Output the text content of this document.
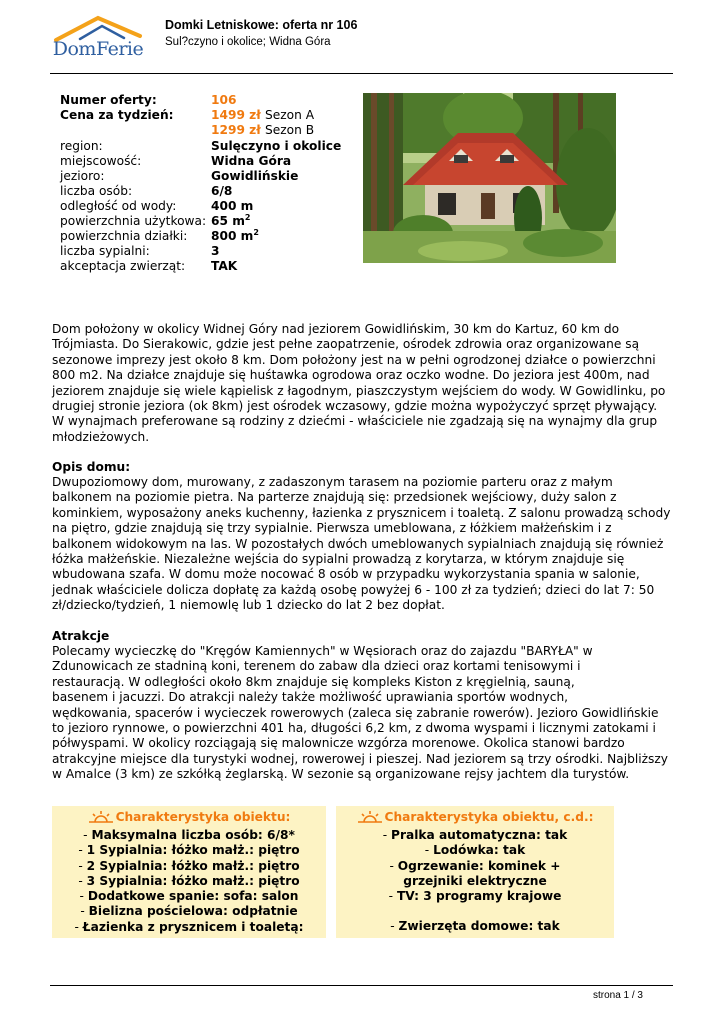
DomFerie
Domki Letniskowe: oferta nr 106
Sul?czyno i okolice; Widna Góra
Numer oferty:	106
Cena za tydzień:	1499 zł Sezon A
1299 zł Sezon B
region:	Sulęczyno i okolice
miejscowość:	Widna Góra
jezioro:	Gowidlińskie
liczba osób:	6/8
odległość od wody:	400 m
powierzchnia użytkowa: 65 $m^2$
powierzchnia działki: 800 $m^2$
liczba sypialni:	3
akceptacja zwierząt: TAK
Dom położony w okolicy Widnej Góry nad jeziorem Gowidlińskim, 30 km do Kartuz, 60 km do
Trójmiasta. Do Sierakowic, gdzie jest pełne zaopatrzenie, ośrodek zdrowia oraz organizowane są
sezonowe imprezy jest około 8 km. Dom położony jest na w pełni ogrodzonej działce o powierzchni
800 m2. Na działce znajduje się huśtawka ogrodowa oraz oczko wodne. Do jeziora jest 400m, nad
jeziorem znajduje się wiele kąpielisk z łagodnym, piaszczystym wejściem do wody. W Gowidlinku, po
drugiej stronie jeziora (ok 8km) jest ośrodek wczasowy, gdzie można wypożyczyć sprzęt pływający.
W wynajmach preferowane są rodziny z dziećmi - właściciele nie zgadzają się na wynajmy dla grup
młodzieżowych.
Opis domu:
Dwupoziomowy dom, murowany, z zadaszonym tarasem na poziomie parteru oraz z małym
balkonem na poziomie pietra. Na parterze znajdują się: przedsionek wejściowy, duży salon z
kominkiem, wyposażony aneks kuchenny, łazienka z prysznicem i toaletą. Z salonu prowadzą schody
na piętro, gdzie znajdują się trzy sypialnie. Pierwsza umeblowana, z łóżkiem małżeńskim i z
balkonem widokowym na las. W pozostałych dwóch umeblowanych sypialniach znajdują się również
łóżka małżeńskie. Niezależne wejścia do sypialni prowadzą z korytarza, w którym znajduje się
wbudowana szafa. W domu może nocować 8 osób w przypadku wykorzystania spania w salonie,
jednak właściciele dolicza dopłatę za każdą osobę powyżej 6 - 100 zł za tydzień; dzieci do lat 7: 50
zł/dziecko/tydzień, 1 niemowlę lub 1 dziecko do lat 2 bez dopłat.
Atrakcje
Polecamy wycieczkę do "Kręgów Kamiennych" w Węsiorach oraz do zajazdu "BARYŁA" w
Zdunowicach ze stadniną koni, terenem do zabaw dla dzieci oraz kortami tenisowymi i
restauracją. W odległości około 8km znajduje się kompleks Kiston z kręgielnią, sauną,
basenem i jacuzzi. Do atrakcji należy także możliwość uprawiania sportów wodnych,
wędkowania, spacerów i wycieczek rowerowych (zaleca się zabranie rowerów). Jezioro Gowidlińskie
to jezioro rynnowe, o powierzchni 401 ha, długości 6,2 km, z dwoma wyspami i licznymi zatokami i
półwyspami. W okolicy rozciągają się malownicze wzgórza morenowe. Okolica stanowi bardzo
atrakcyjne miejsce dla turystyki wodnej, rowerowej i pieszej. Nad jeziorem są trzy ośrodki. Najbliższy
w Amalce (3 km) ze szkółką żeglarską. W sezonie są organizowane rejsy jachtem dla turystów.
Charakterystyka obiektu:
- Maksymalna liczba osób: 6/8*
- 1 Sypialnia: łóżko małż.: piętro
- 2 Sypialnia: łóżko małż.: piętro
- 3 Sypialnia: łóżko małż.: piętro
- Dodatkowe spanie: sofa: salon
- Bielizna pościelowa: odpłatnie
- Łazienka z prysznicem i toaletą:
Charakterystyka obiektu, c.d.:
- Pralka automatyczna: tak
- Lodówka: tak
- Ogrzewanie: kominek + grzejniki elektryczne
- TV: 3 programy krajowe
- Zwierzęta domowe: tak
strona 1 / 3
